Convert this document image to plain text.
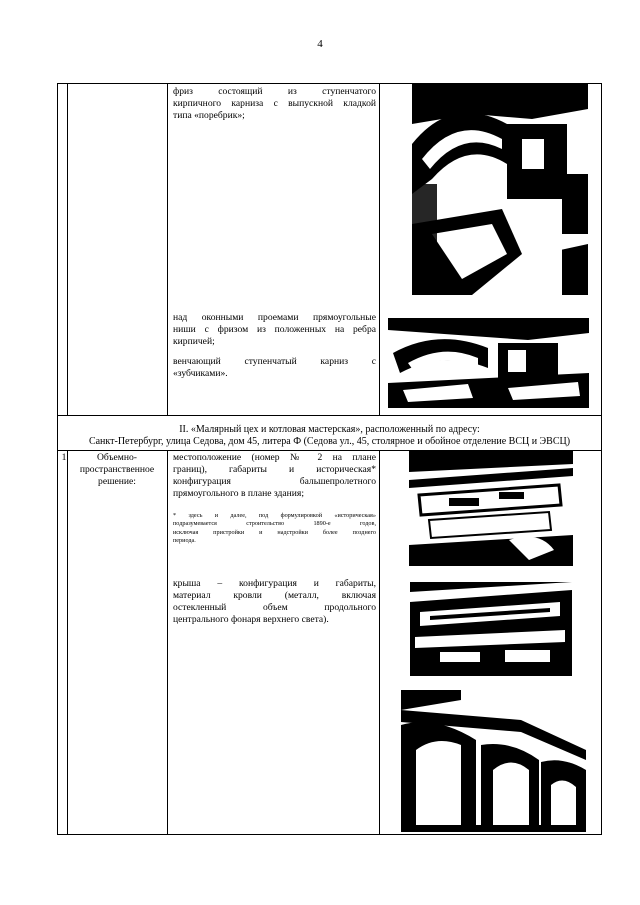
4
фриз состоящий из ступенчатого
кирпичного карниза с выпускной кладкой
типа «поребрик»;
над оконными проемами прямоугольные
ниши с фризом из положенных на ребра
кирпичей;
венчающий ступенчатый карниз с
«зубчиками».
II. «Малярный цех и котловая мастерская», расположенный по адресу:
Санкт-Петербург, улица Седова, дом 45, литера Ф (Седова ул., 45, столярное и обойное отделение ВСЦ и ЭВСЦ)
1	Объемно-
пространственное
решение:
местоположение (номер № 2 на плане
границ), габариты и историческая*
конфигурация бальшепролетного
прямоугольного в плане здания;
* здесь и далее, под формулировкой «историческая»
подразумевается строительство 1890-е годов,
исключая пристройки и надстройки более позднего
периода.
крыша – конфигурация и габариты,
материал кровли (металл, включая
остекленный объем продольного
центрального фонаря верхнего света).
